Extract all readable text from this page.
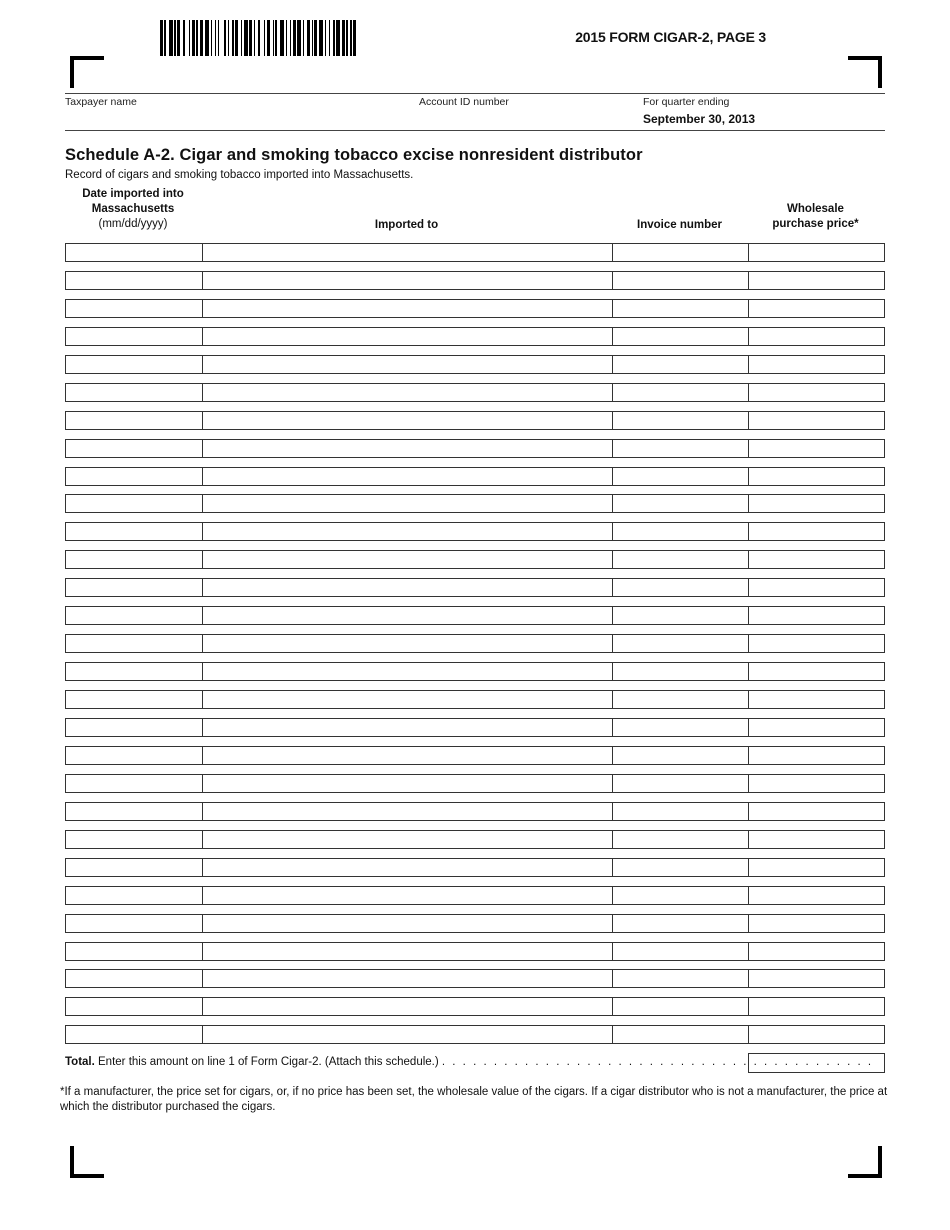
2015 FORM CIGAR-2, PAGE 3
Taxpayer name	Account ID number	For quarter ending
September 30, 2013
Schedule A-2. Cigar and smoking tobacco excise nonresident distributor
Record of cigars and smoking tobacco imported into Massachusetts.
Date imported into
Massachusetts
(mm/dd/yyyy)	Imported to	Invoice number
Wholesale
purchase price*
Total. Enter this amount on line 1 of Form Cigar-2. (Attach this schedule.) . . . . . . . . . . . . . . . . . . . . . . . . . . . . . . . . . . . . . . . . . .
*If a manufacturer, the price set for cigars, or, if no price has been set, the wholesale value of the cigars. If a cigar distributor who is not a manufacturer, the price at which the distributor purchased the cigars.
